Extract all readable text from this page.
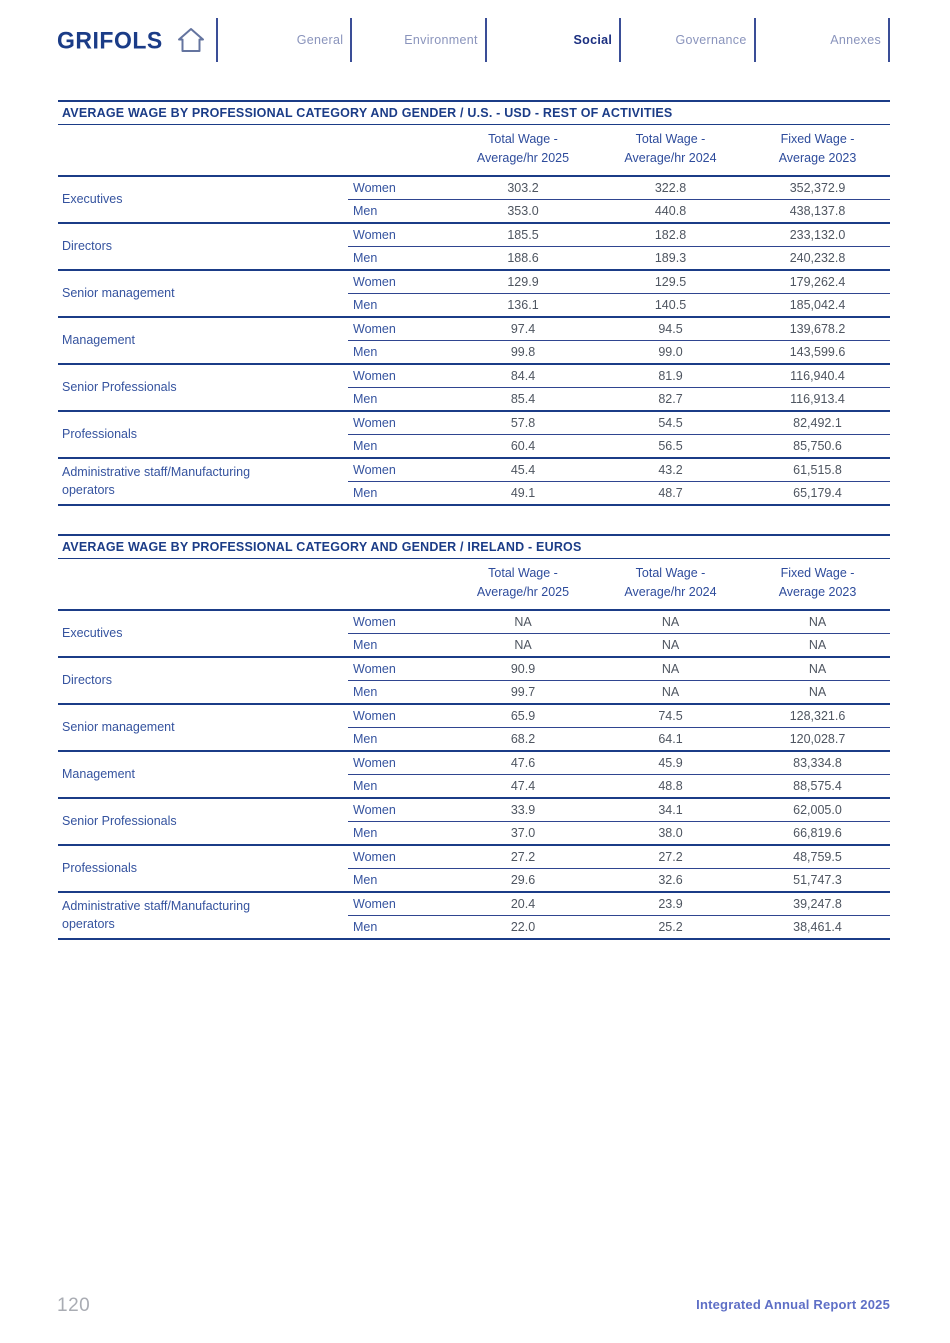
GRIFOLS	General	Environment	Social	Governance	Annexes
AVERAGE WAGE BY PROFESSIONAL CATEGORY AND GENDER / U.S. - USD - REST OF ACTIVITIES

Total Wage -
Average/hr 2025

Total Wage -
Average/hr 2024

Fixed Wage -
Average 2023

Executives	Women	303.2	322.8	352,372.9
	Men	353.0	440.8	438,137.8
Directors	Women	185.5	182.8	233,132.0
	Men	188.6	189.3	240,232.8
Senior management	Women	129.9	129.5	179,262.4
	Men	136.1	140.5	185,042.4
Management	Women	97.4	94.5	139,678.2
	Men	99.8	99.0	143,599.6
Senior Professionals	Women	84.4	81.9	116,940.4
	Men	85.4	82.7	116,913.4
Professionals	Women	57.8	54.5	82,492.1
	Men	60.4	56.5	85,750.6
Administrative staff/Manufacturing operators	Women	45.4	43.2	61,515.8
	Men	49.1	48.7	65,179.4
AVERAGE WAGE BY PROFESSIONAL CATEGORY AND GENDER / IRELAND - EUROS

Total Wage -
Average/hr 2025

Total Wage -
Average/hr 2024

Fixed Wage -
Average 2023

Executives	Women	NA	NA	NA
	Men	NA	NA	NA
Directors	Women	90.9	NA	NA
	Men	99.7	NA	NA
Senior management	Women	65.9	74.5	128,321.6
	Men	68.2	64.1	120,028.7
Management	Women	47.6	45.9	83,334.8
	Men	47.4	48.8	88,575.4
Senior Professionals	Women	33.9	34.1	62,005.0
	Men	37.0	38.0	66,819.6
Professionals	Women	27.2	27.2	48,759.5
	Men	29.6	32.6	51,747.3
Administrative staff/Manufacturing operators	Women	20.4	23.9	39,247.8
	Men	22.0	25.2	38,461.4
120	Integrated Annual Report 2025
